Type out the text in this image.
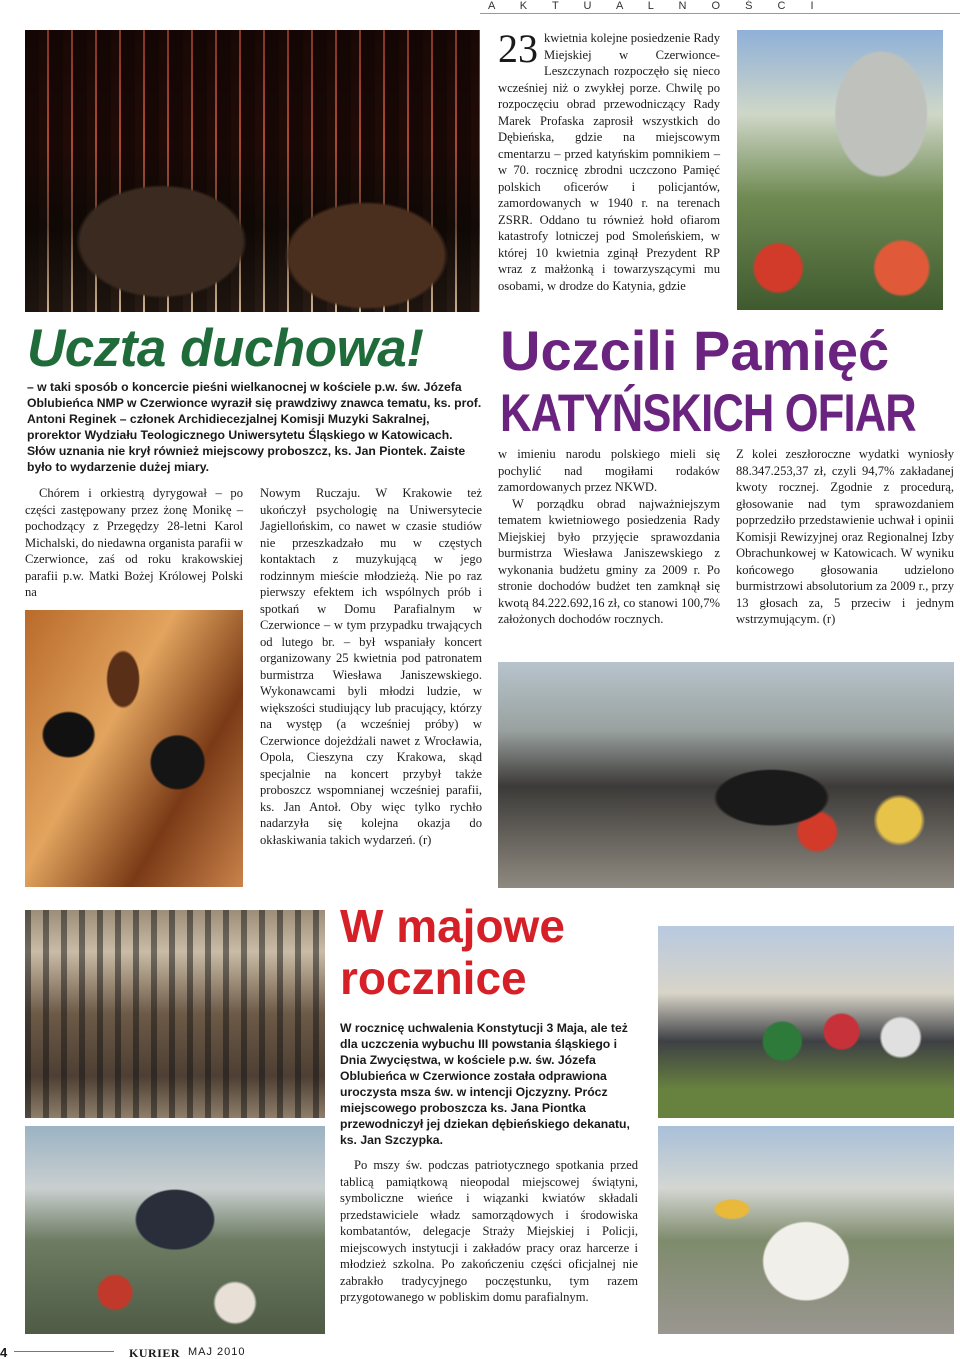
A K T U A L N O Ś C I
Uczta duchowa!
– w taki sposób o koncercie pieśni wielkanocnej w kościele p.w. św. Józefa Oblubieńca NMP w Czerwionce wyraził się prawdziwy znawca tematu, ks. prof. Antoni Reginek – członek Archidiecezjalnej Komisji Muzyki Sakralnej, prorektor Wydziału Teologicznego Uniwersytetu Śląskiego w Katowicach. Słów uznania nie krył również miejscowy proboszcz, ks. Jan Piontek. Zaiste było to wydarzenie dużej miary.
Chórem i orkiestrą dyrygował – po części zastępowany przez żonę Monikę – pochodzący z Przegędzy 28-letni Karol Michalski, do niedawna organista parafii w Czerwionce, zaś od roku krakowskiej parafii p.w. Matki Bożej Królowej Polski na
Nowym Ruczaju. W Krakowie też ukończył psychologię na Uniwersytecie Jagiellońskim, co nawet w czasie studiów nie przeszkadzało mu w częstych kontaktach z muzykującą w jego rodzinnym mieście młodzieżą. Nie po raz pierwszy efektem ich wspólnych prób i spotkań w Domu Parafialnym w Czerwionce – w tym przypadku trwających od lutego br. – był wspaniały koncert organizowany 25 kwietnia pod patronatem burmistrza Wiesława Janiszewskiego. Wykonawcami byli młodzi ludzie, w większości studiujący lub pracujący, którzy na występ (a wcześniej próby) w Czerwionce dojeżdżali nawet z Wrocławia, Opola, Cieszyna czy Krakowa, skąd specjalnie na koncert przybył także proboszcz wspomnianej wcześniej parafii, ks. Jan Antoł. Oby więc tylko rychło nadarzyła się kolejna okazja do okłaskiwania takich wydarzeń. (r)
23 kwietnia kolejne posiedzenie Rady Miejskiej w Czerwionce-Leszczynach rozpoczęło się nieco wcześniej niż o zwykłej porze. Chwilę po rozpoczęciu obrad przewodniczący Rady Marek Profaska zaprosił wszystkich do Dębieńska, gdzie na miejscowym cmentarzu – przed katyńskim pomnikiem – w 70. rocznicę zbrodni uczczono Pamięć polskich oficerów i policjantów, zamordowanych w 1940 r. na terenach ZSRR. Oddano tu również hołd ofiarom katastrofy lotniczej pod Smoleńskiem, w której 10 kwietnia zginął Prezydent RP wraz z małżonką i towarzyszącymi mu osobami, w drodze do Katynia, gdzie
Uczcili Pamięć
KATYŃSKICH OFIAR

w imieniu narodu polskiego mieli się pochylić nad mogiłami rodaków zamordowanych przez NKWD.

W porządku obrad najważniejszym tematem kwietniowego posiedzenia Rady Miejskiej było przyjęcie sprawozdania burmistrza Wiesława Janiszewskiego z wykonania budżetu gminy za 2009 r. Po stronie dochodów budżet ten zamknął się kwotą 84.222.692,16 zł, co stanowi 100,7% założonych dochodów rocznych.

Z kolei zeszłoroczne wydatki wyniosły 88.347.253,37 zł, czyli 94,7% zakładanej kwoty rocznej. Zgodnie z procedurą, głosowanie nad tym sprawozdaniem poprzedziło przedstawienie uchwał i opinii Komisji Rewizyjnej oraz Regionalnej Izby Obrachunkowej w Katowicach. W wyniku końcowego głosowania udzielono burmistrzowi absolutorium za 2009 r., przy 13 głosach za, 5 przeciw i jednym wstrzymującym. (r)
W majowe rocznice
W rocznicę uchwalenia Konstytucji 3 Maja, ale też dla uczczenia wybuchu III powstania śląskiego i Dnia Zwycięstwa, w kościele p.w. św. Józefa Oblubieńca w Czerwionce została odprawiona uroczysta msza św. w intencji Ojczyzny. Prócz miejscowego proboszcza ks. Jana Piontka przewodniczył jej dziekan dębieńskiego dekanatu, ks. Jan Szczypka.
Po mszy św. podczas patriotycznego spotkania przed tablicą pamiątkową nieopodal miejscowej świątyni, symboliczne wieńce i wiązanki kwiatów składali przedstawiciele władz samorządowych i środowiska kombatantów, delegacje Straży Miejskiej i Policji, miejscowych instytucji i zakładów pracy oraz harcerze i młodzież szkolna. Po zakończeniu części oficjalnej nie zabrakło tradycyjnego poczęstunku, tym razem przygotowanego w pobliskim domu parafialnym.
4	KURIER MAJ 2010
